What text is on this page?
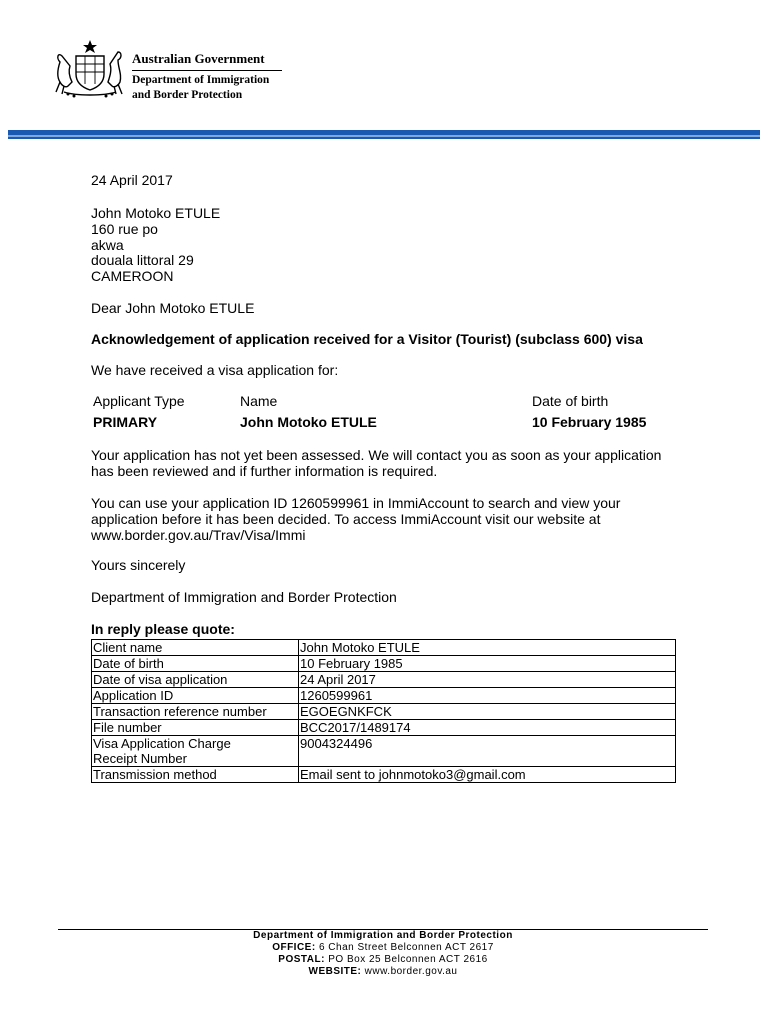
Australian Government
Department of Immigration
and Border Protection
24 April 2017
John Motoko ETULE
160 rue po
akwa
douala littoral 29
CAMEROON
Dear John Motoko ETULE
Acknowledgement of application received for a Visitor (Tourist) (subclass 600) visa
We have received a visa application for:
Applicant Type	Name	Date of birth
PRIMARY	John Motoko ETULE	10 February 1985
Your application has not yet been assessed. We will contact you as soon as your application
has been reviewed and if further information is required.
You can use your application ID 1260599961 in ImmiAccount to search and view your
application before it has been decided. To access ImmiAccount visit our website at
www.border.gov.au/Trav/Visa/Immi
Yours sincerely
Department of Immigration and Border Protection
In reply please quote:
Client name	John Motoko ETULE
Date of birth	10 February 1985
Date of visa application	24 April 2017
Application ID	1260599961
Transaction reference number	EGOEGNKFCK
File number	BCC2017/1489174

Visa Application Charge
Receipt Number	9004324496
Transmission method	Email sent to johnmotoko3@gmail.com
Department of Immigration and Border Protection
OFFICE: 6 Chan Street Belconnen ACT 2617
POSTAL: PO Box 25 Belconnen ACT 2616
WEBSITE: www.border.gov.au
